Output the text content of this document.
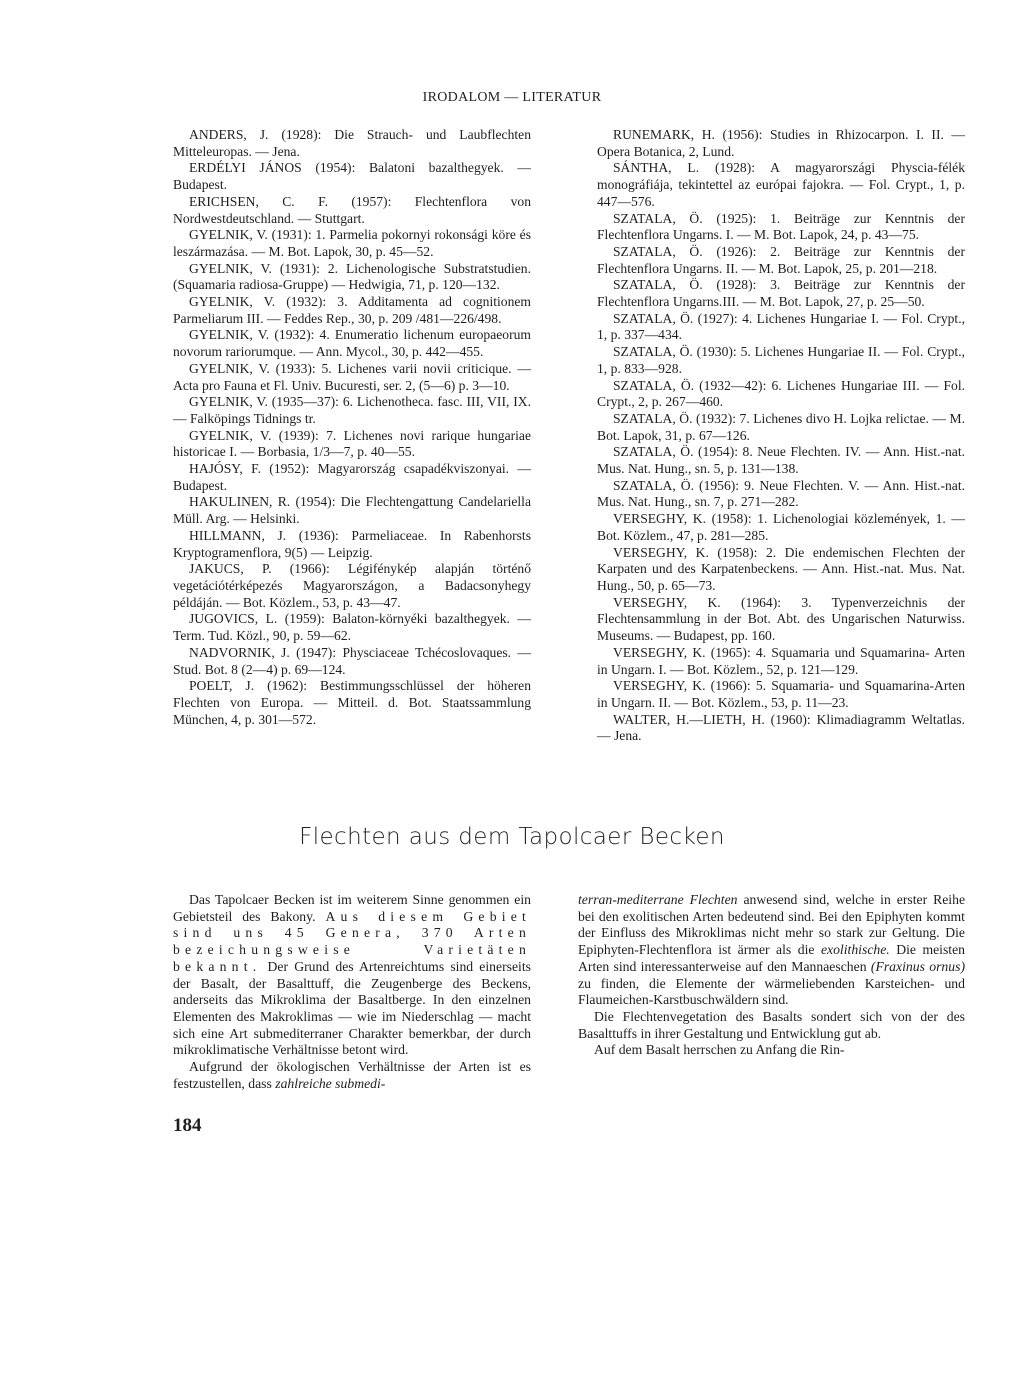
IRODALOM — LITERATUR

ANDERS, J. (1928): Die Strauch- und Laubflechten Mitteleuropas. — Jena.

ERDÉLYI JÁNOS (1954): Balatoni bazalthegyek. — Budapest.

ERICHSEN, C. F. (1957): Flechtenflora von Nordwestdeutschland. — Stuttgart.

GYELNIK, V. (1931): 1. Parmelia pokornyi rokonsági köre és leszármazása. — M. Bot. Lapok, 30, p. 45—52.

GYELNIK, V. (1931): 2. Lichenologische Substratstudien. (Squamaria radiosa-Gruppe) — Hedwigia, 71, p. 120—132.

GYELNIK, V. (1932): 3. Additamenta ad cognitionem Parmeliarum III. — Feddes Rep., 30, p. 209 /481—226/498.

GYELNIK, V. (1932): 4. Enumeratio lichenum europaeorum novorum rariorumque. — Ann. Mycol., 30, p. 442—455.

GYELNIK, V. (1933): 5. Lichenes varii novii criticique. — Acta pro Fauna et Fl. Univ. Bucuresti, ser. 2, (5—6) p. 3—10.

GYELNIK, V. (1935—37): 6. Lichenotheca. fasc. III, VII, IX. — Falköpings Tidnings tr.

GYELNIK, V. (1939): 7. Lichenes novi rarique hungariae historicae I. — Borbasia, 1/3—7, p. 40—55.

HAJÓSY, F. (1952): Magyarország csapadékviszonyai. — Budapest.

HAKULINEN, R. (1954): Die Flechtengattung Candelariella Müll. Arg. — Helsinki.

HILLMANN, J. (1936): Parmeliaceae. In Rabenhorsts Kryptogramenflora, 9(5) — Leipzig.

JAKUCS, P. (1966): Légifénykép alapján történő vegetációtérképezés Magyarországon, a Badacsonyhegy példáján. — Bot. Közlem., 53, p. 43—47.

JUGOVICS, L. (1959): Balaton-környéki bazalthegyek. — Term. Tud. Közl., 90, p. 59—62.

NADVORNIK, J. (1947): Physciaceae Tchécoslovaques. — Stud. Bot. 8 (2—4) p. 69—124.

POELT, J. (1962): Bestimmungsschlüssel der höheren Flechten von Europa. — Mitteil. d. Bot. Staatssammlung München, 4, p. 301—572.

RUNEMARK, H. (1956): Studies in Rhizocarpon. I. II. — Opera Botanica, 2, Lund.

SÁNTHA, L. (1928): A magyarországi Physcia-félék monográfiája, tekintettel az európai fajokra. — Fol. Crypt., 1, p. 447—576.

SZATALA, Ö. (1925): 1. Beiträge zur Kenntnis der Flechtenflora Ungarns. I. — M. Bot. Lapok, 24, p. 43—75.

SZATALA, Ö. (1926): 2. Beiträge zur Kenntnis der Flechtenflora Ungarns. II. — M. Bot. Lapok, 25, p. 201—218.

SZATALA, Ö. (1928): 3. Beiträge zur Kenntnis der Flechtenflora Ungarns.III. — M. Bot. Lapok, 27, p. 25—50.

SZATALA, Ö. (1927): 4. Lichenes Hungariae I. — Fol. Crypt., 1, p. 337—434.

SZATALA, Ö. (1930): 5. Lichenes Hungariae II. — Fol. Crypt., 1, p. 833—928.

SZATALA, Ö. (1932—42): 6. Lichenes Hungariae III. — Fol. Crypt., 2, p. 267—460.

SZATALA, Ö. (1932): 7. Lichenes divo H. Lojka relictae. — M. Bot. Lapok, 31, p. 67—126.

SZATALA, Ö. (1954): 8. Neue Flechten. IV. — Ann. Hist.-nat. Mus. Nat. Hung., sn. 5, p. 131—138.

SZATALA, Ö. (1956): 9. Neue Flechten. V. — Ann. Hist.-nat. Mus. Nat. Hung., sn. 7, p. 271—282.

VERSEGHY, K. (1958): 1. Lichenologiai közlemények, 1. — Bot. Közlem., 47, p. 281—285.

VERSEGHY, K. (1958): 2. Die endemischen Flechten der Karpaten und des Karpatenbeckens. — Ann. Hist.-nat. Mus. Nat. Hung., 50, p. 65—73.

VERSEGHY, K. (1964): 3. Typenverzeichnis der Flechtensammlung in der Bot. Abt. des Ungarischen Naturwiss. Museums. — Budapest, pp. 160.

VERSEGHY, K. (1965): 4. Squamaria und Squamarina- Arten in Ungarn. I. — Bot. Közlem., 52, p. 121—129.

VERSEGHY, K. (1966): 5. Squamaria- und Squamarina-Arten in Ungarn. II. — Bot. Közlem., 53, p. 11—23.

WALTER, H.—LIETH, H. (1960): Klimadiagramm Weltatlas. — Jena.

Flechten aus dem Tapolcaer Becken

Das Tapolcaer Becken ist im weiterem Sinne genommen ein Gebietsteil des Bakony. Aus diesem Gebiet sind uns 45 Genera, 370 Arten bezeichungsweise Varietäten bekannt. Der Grund des Artenreichtums sind einerseits der Basalt, der Basalttuff, die Zeugenberge des Beckens, anderseits das Mikroklima der Basaltberge. In den einzelnen Elementen des Makroklimas — wie im Niederschlag — macht sich eine Art submediterraner Charakter bemerkbar, der durch mikroklimatische Verhältnisse betont wird.

Aufgrund der ökologischen Verhältnisse der Arten ist es festzustellen, dass zahlreiche submedi-

terran-mediterrane Flechten anwesend sind, welche in erster Reihe bei den exolitischen Arten bedeutend sind. Bei den Epiphyten kommt der Einfluss des Mikroklimas nicht mehr so stark zur Geltung. Die Epiphyten-Flechtenflora ist ärmer als die exolithische. Die meisten Arten sind interessanterweise auf den Mannaeschen (Fraxinus ornus) zu finden, die Elemente der wärmeliebenden Karsteichen- und Flaumeichen-Karstbuschwäldern sind.

Die Flechtenvegetation des Basalts sondert sich von der des Basalttuffs in ihrer Gestaltung und Entwicklung gut ab.

Auf dem Basalt herrschen zu Anfang die Rin-

184
